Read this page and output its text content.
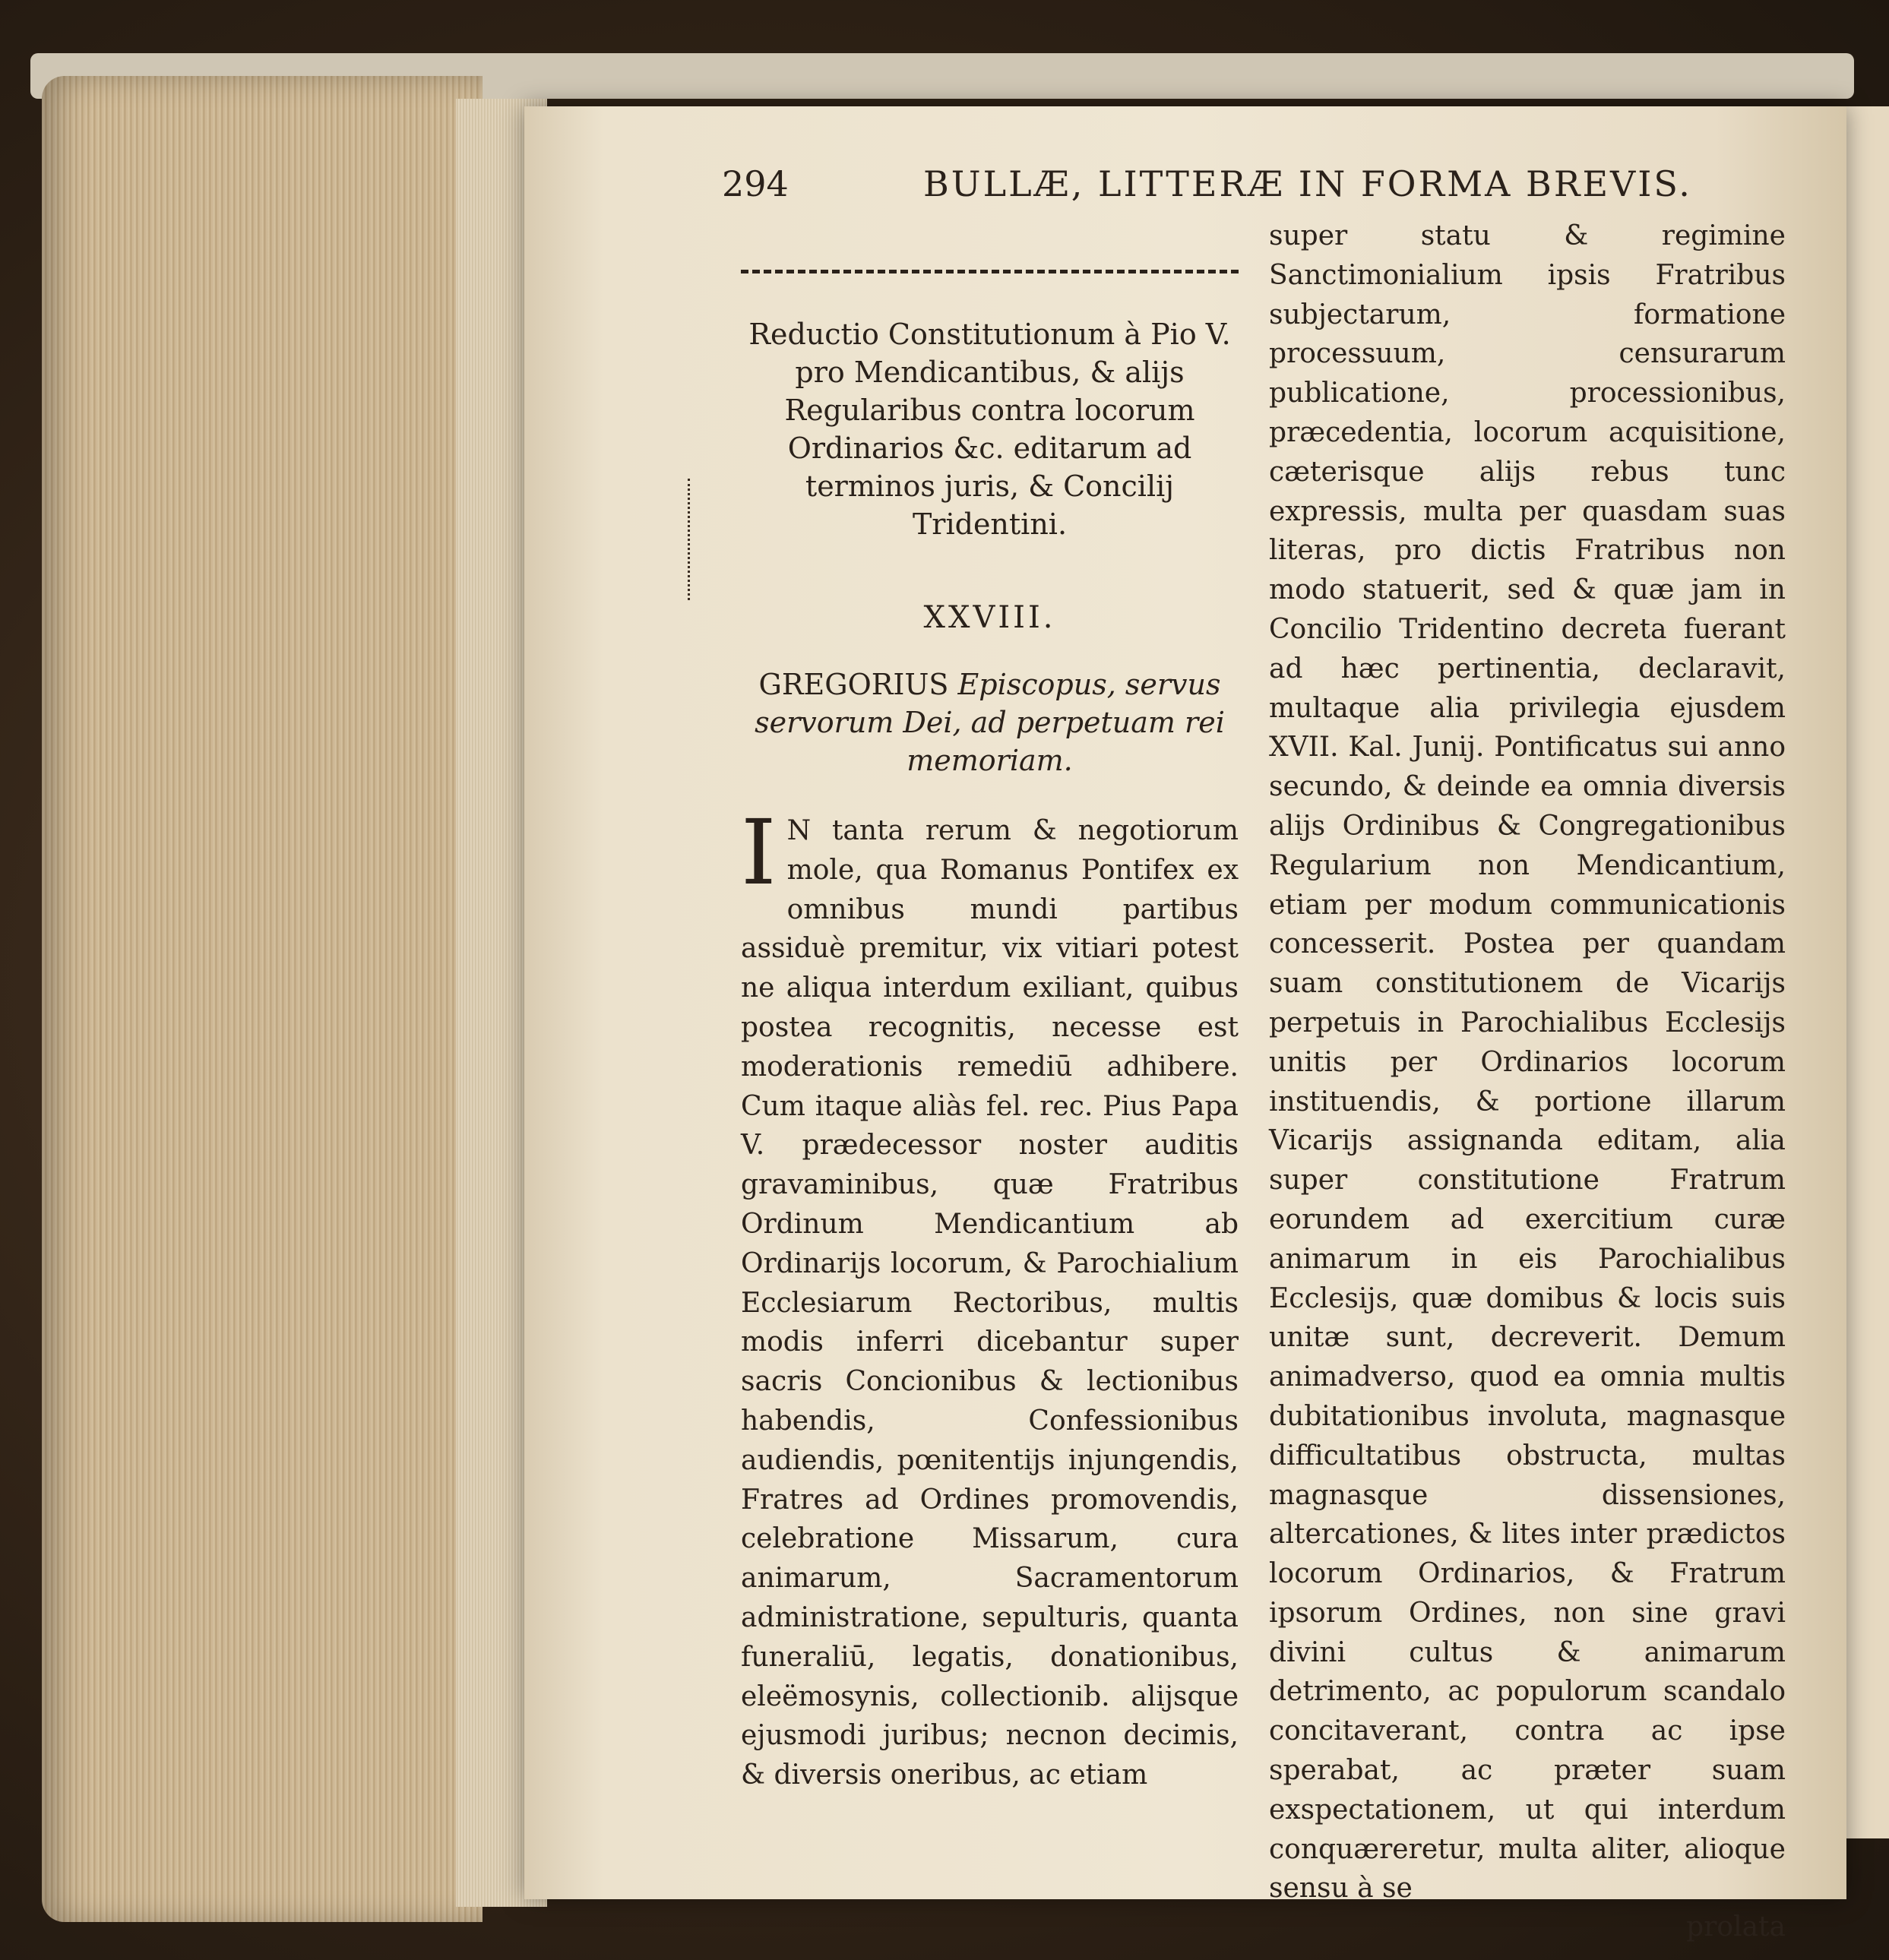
294	BULLÆ, LITTERÆ IN FORMA BREVIS.

Reductio Constitutionum à Pio V. pro Mendicantibus, & alijs Regularibus contra locorum Ordinarios &c. editarum ad terminos juris, & Concilij Tridentini.

XXVIII.

GREGORIUS Episcopus, servus servorum Dei, ad perpetuam rei memoriam.

I N tanta rerum & negotiorum mole, qua Romanus Pontifex ex omnibus mundi partibus assiduè premitur, vix vitiari potest ne aliqua interdum exiliant, quibus postea recognitis, necesse est moderationis remediū adhibere. Cum itaque aliàs fel. rec. Pius Papa V. prædecessor noster auditis gravaminibus, quæ Fratribus Ordinum Mendicantium ab Ordinarijs locorum, & Parochialium Ecclesiarum Rectoribus, multis modis inferri dicebantur super sacris Concionibus & lectionibus habendis, Confessionibus audiendis, pœnitentijs injungendis, Fratres ad Ordines promovendis, celebratione Missarum, cura animarum, Sacramentorum administratione, sepulturis, quanta funeraliū, legatis, donationibus, eleëmosynis, collectionib. alijsque ejusmodi juribus; necnon decimis, & diversis oneribus, ac etiam

super statu & regimine Sanctimonialium ipsis Fratribus subjectarum, formatione processuum, censurarum publicatione, processionibus, præcedentia, locorum acquisitione, cæterisque alijs rebus tunc expressis, multa per quasdam suas literas, pro dictis Fratribus non modo statuerit, sed & quæ jam in Concilio Tridentino decreta fuerant ad hæc pertinentia, declaravit, multaque alia privilegia ejusdem XVII. Kal. Junij. Pontificatus sui anno secundo, & deinde ea omnia diversis alijs Ordinibus & Congregationibus Regularium non Mendicantium, etiam per modum communicationis concesserit. Postea per quandam suam constitutionem de Vicarijs perpetuis in Parochialibus Ecclesijs unitis per Ordinarios locorum instituendis, & portione illarum Vicarijs assignanda editam, alia super constitutione Fratrum eorundem ad exercitium curæ animarum in eis Parochialibus Ecclesijs, quæ domibus & locis suis unitæ sunt, decreverit. Demum animadverso, quod ea omnia multis dubitationibus involuta, magnasque difficultatibus obstructa, multas magnasque dissensiones, altercationes, & lites inter prædictos locorum Ordinarios, & Fratrum ipsorum Ordines, non sine gravi divini cultus & animarum detrimento, ac populorum scandalo concitaverant, contra ac ipse sperabat, ac præter suam exspectationem, ut qui interdum conquæreretur, multa aliter, alioque sensu à se

prolata
